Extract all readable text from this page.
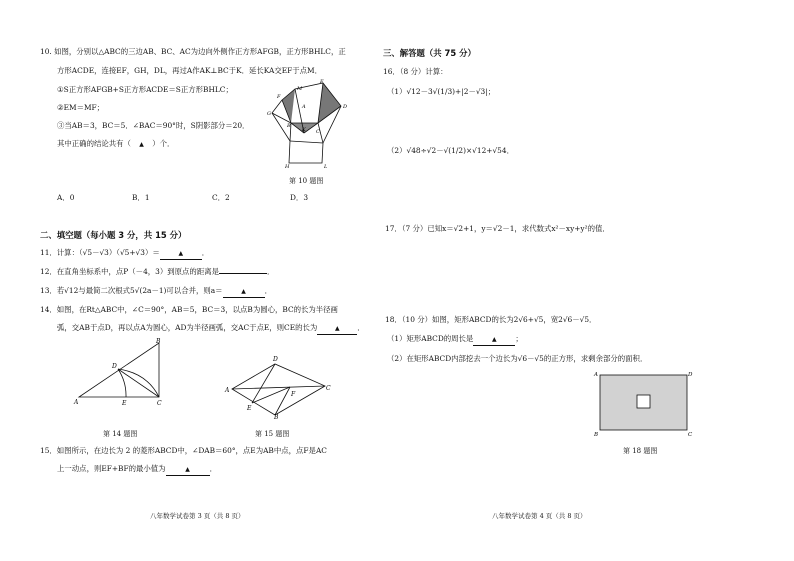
10. 如图，分别以△ABC的三边AB、BC、AC为边向外侧作正方形AFGB，正方形BHLC，正
方形ACDE，连接EF，GH，DL，再过A作AK⊥BC于K．延长KA交EF于点M．
①S正方形AFGB+S正方形ACDE＝S正方形BHLC；
②EM＝MF；
③当AB＝3，BC＝5．∠BAC＝90°时，S阴影部分＝20．
其中正确的结论共有（ ▲ ）个．
A．0	B．1	C．2	D．3
F
M
E
G
A	D
B
K C
H	L
第 10 题图
二、填空题（每小题 3 分，共 15 分）
11．计算：（√5－√3）（√5+√3）＝	▲	．
12．在直角坐标系中，点P（－4，3）到原点的距离是	．
13．若√12与最简二次根式5√(2a－1)可以合并，则a＝	▲	．
14．如图，在Rt△ABC中，∠C＝90°，AB＝5，BC＝3，以点B为圆心，BC的长为半径画
弧，交AB于点D，再以点A为圆心，AD为半径画弧，交AC于点E，则CE的长为	▲ ．
B
D
A	E	C
第 14 题图
D
A
E
F
C
B
第 15 题图
15．如图所示，在边长为 2 的菱形ABCD中，∠DAB＝60°，点E为AB中点，点F是AC
上一动点，则EF+BF的最小值为	▲	．
八年数学试卷第 3 页（共 8 页）
三、解答题（共 75 分）
16．（8 分）计算：
（1）√12－3√(1/3)+|2－√3|；
（2）√48÷√2－√(1/2)×√12+√54．
17．（7 分）已知x＝√2+1，y＝√2－1，求代数式x²－xy+y²的值．
18．（10 分）如图，矩形ABCD的长为2√6+√5，宽2√6－√5．
（1）矩形ABCD的周长是	▲	；
（2）在矩形ABCD内部挖去一个边长为√6－√5的正方形，求剩余部分的面积．
A	D
B	C
第 18 题图
八年数学试卷第 4 页（共 8 页）
